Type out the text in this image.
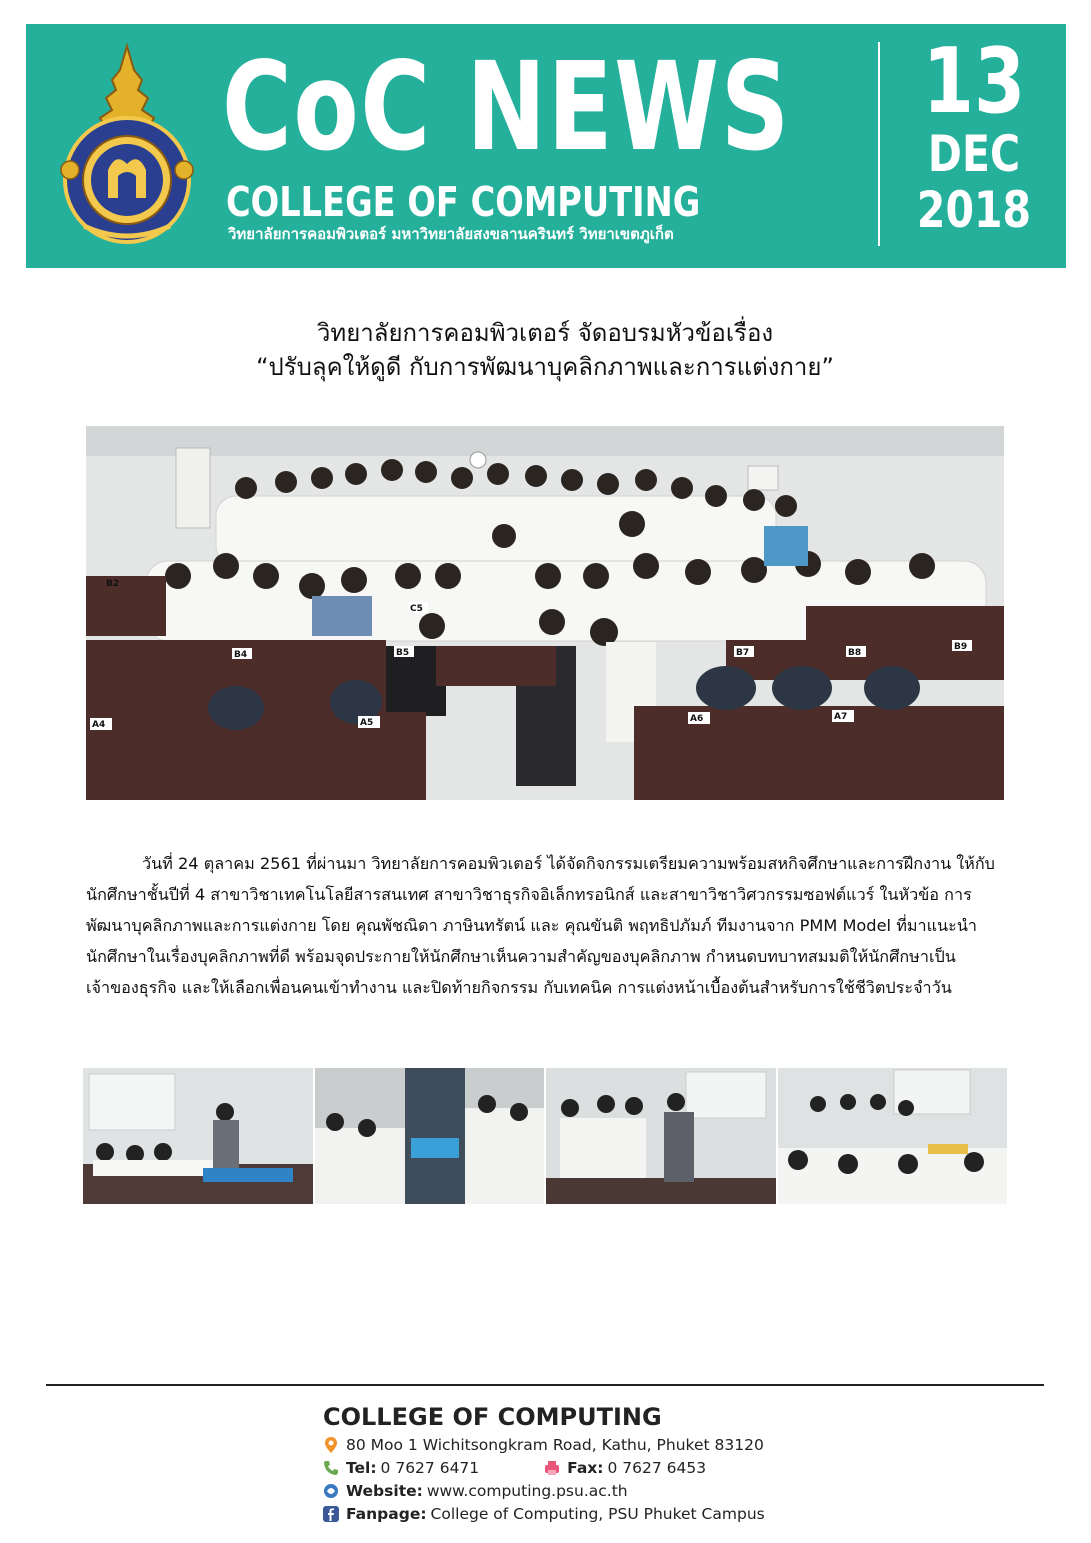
CoC NEWS
COLLEGE OF COMPUTING
วิทยาลัยการคอมพิวเตอร์ มหาวิทยาลัยสงขลานครินทร์ วิทยาเขตภูเก็ต
13
DEC
2018
วิทยาลัยการคอมพิวเตอร์ จัดอบรมหัวข้อเรื่อง
“ปรับลุคให้ดูดี กับการพัฒนาบุคลิกภาพและการแต่งกาย”
B4
C5
B5	B7	B8
B9
A4	A5	A6	A7
B2
วันที่ 24 ตุลาคม 2561 ที่ผ่านมา วิทยาลัยการคอมพิวเตอร์ ได้จัดกิจกรรมเตรียมความพร้อมสหกิจศึกษาและการฝึกงาน ให้กับนักศึกษาชั้นปีที่ 4 สาขาวิชาเทคโนโลยีสารสนเทศ สาขาวิชาธุรกิจอิเล็กทรอนิกส์ และสาขาวิชาวิศวกรรมซอฟต์แวร์ ในหัวข้อ การพัฒนาบุคลิกภาพและการแต่งกาย โดย คุณพัชณิดา ภาษินทรัตน์ และ คุณขันติ พฤทธิปภัมภ์ ทีมงานจาก PMM Model ที่มาแนะนำนักศึกษาในเรื่องบุคลิกภาพที่ดี พร้อมจุดประกายให้นักศึกษาเห็นความสำคัญของบุคลิกภาพ กำหนดบทบาทสมมติให้นักศึกษาเป็นเจ้าของธุรกิจ และให้เลือกเพื่อนคนเข้าทำงาน และปิดท้ายกิจกรรม กับเทคนิค การแต่งหน้าเบื้องต้นสำหรับการใช้ชีวิตประจำวัน
COLLEGE OF COMPUTING
80 Moo 1 Wichitsongkram Road, Kathu, Phuket 83120
Tel: 0 7627 6471	Fax: 0 7627 6453
Website: www.computing.psu.ac.th
Fanpage: College of Computing, PSU Phuket Campus
